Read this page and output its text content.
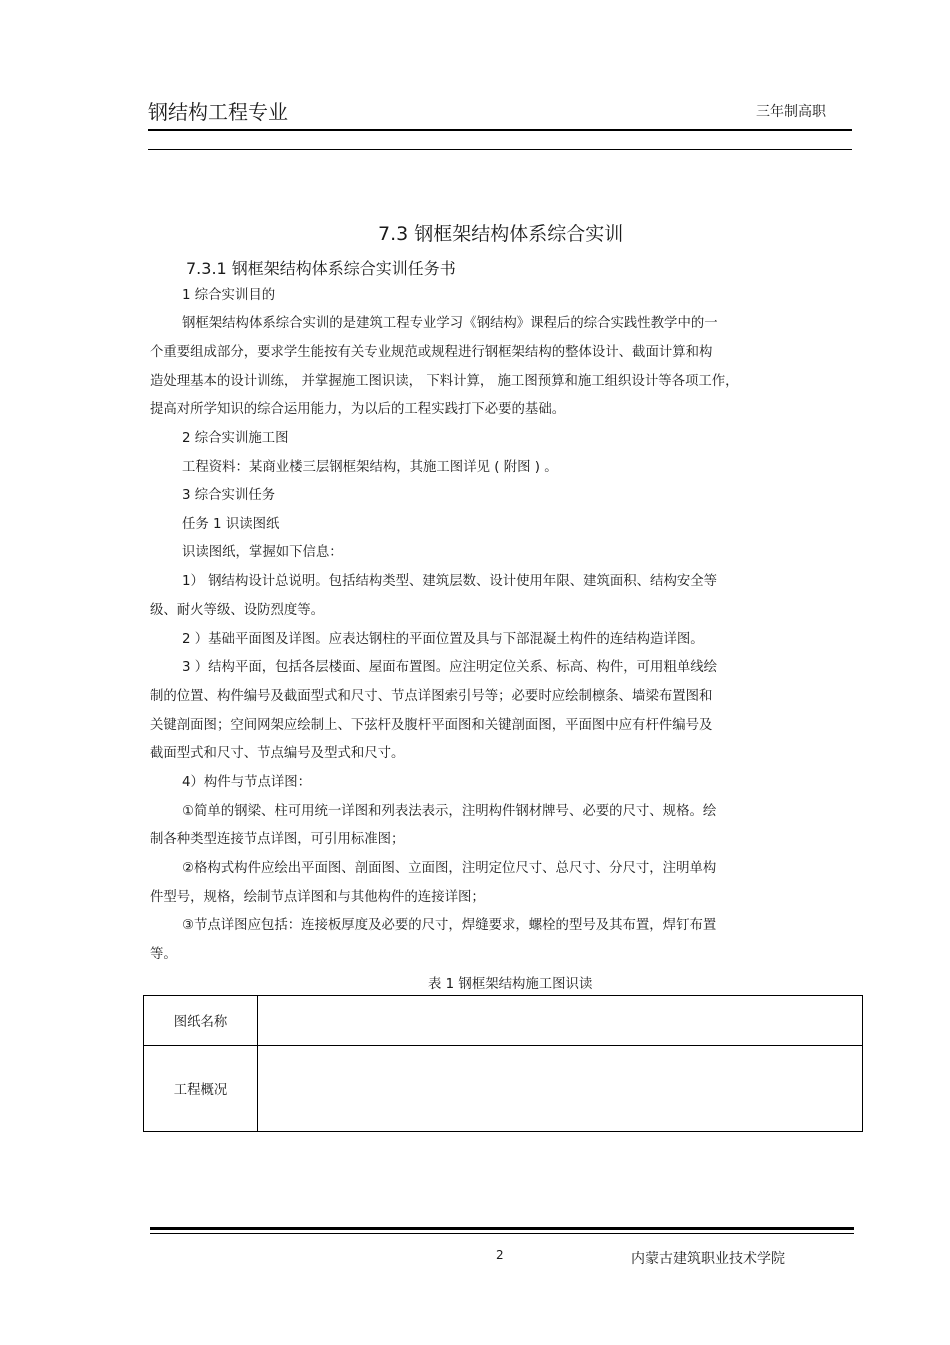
钢结构工程专业	三年制高职
7.3 钢框架结构体系综合实训
7.3.1 钢框架结构体系综合实训任务书
1 综合实训目的
钢框架结构体系综合实训的是建筑工程专业学习《钢结构》课程后的综合实践性教学中的一
个重要组成部分，要求学生能按有关专业规范或规程进行钢框架结构的整体设计、截面计算和构
造处理基本的设计训练， 并掌握施工图识读， 下料计算， 施工图预算和施工组织设计等各项工作，
提高对所学知识的综合运用能力，为以后的工程实践打下必要的基础。
2 综合实训施工图
工程资料：某商业楼三层钢框架结构，其施工图详见 ( 附图 ) 。
3 综合实训任务
任务 1 识读图纸
识读图纸，掌握如下信息：
1） 钢结构设计总说明。包括结构类型、建筑层数、设计使用年限、建筑面积、结构安全等
级、耐火等级、设防烈度等。
2 ）基础平面图及详图。应表达钢柱的平面位置及具与下部混凝土构件的连结构造详图。
3 ）结构平面，包括各层楼面、屋面布置图。应注明定位关系、标高、构件，可用粗单线绘
制的位置、构件编号及截面型式和尺寸、节点详图索引号等；必要时应绘制檩条、墙梁布置图和
关键剖面图；空间网架应绘制上、下弦杆及腹杆平面图和关键剖面图，平面图中应有杆件编号及
截面型式和尺寸、节点编号及型式和尺寸。
4）构件与节点详图：
①简单的钢梁、柱可用统一详图和列表法表示，注明构件钢材牌号、必要的尺寸、规格。绘
制各种类型连接节点详图，可引用标准图；
②格构式构件应绘出平面图、剖面图、立面图，注明定位尺寸、总尺寸、分尺寸，注明单构
件型号，规格，绘制节点详图和与其他构件的连接详图；
③节点详图应包括：连接板厚度及必要的尺寸，焊缝要求，螺栓的型号及其布置，焊钉布置
等。
表 1 钢框架结构施工图识读
图纸名称	
工程概况	
2	内蒙古建筑职业技术学院
